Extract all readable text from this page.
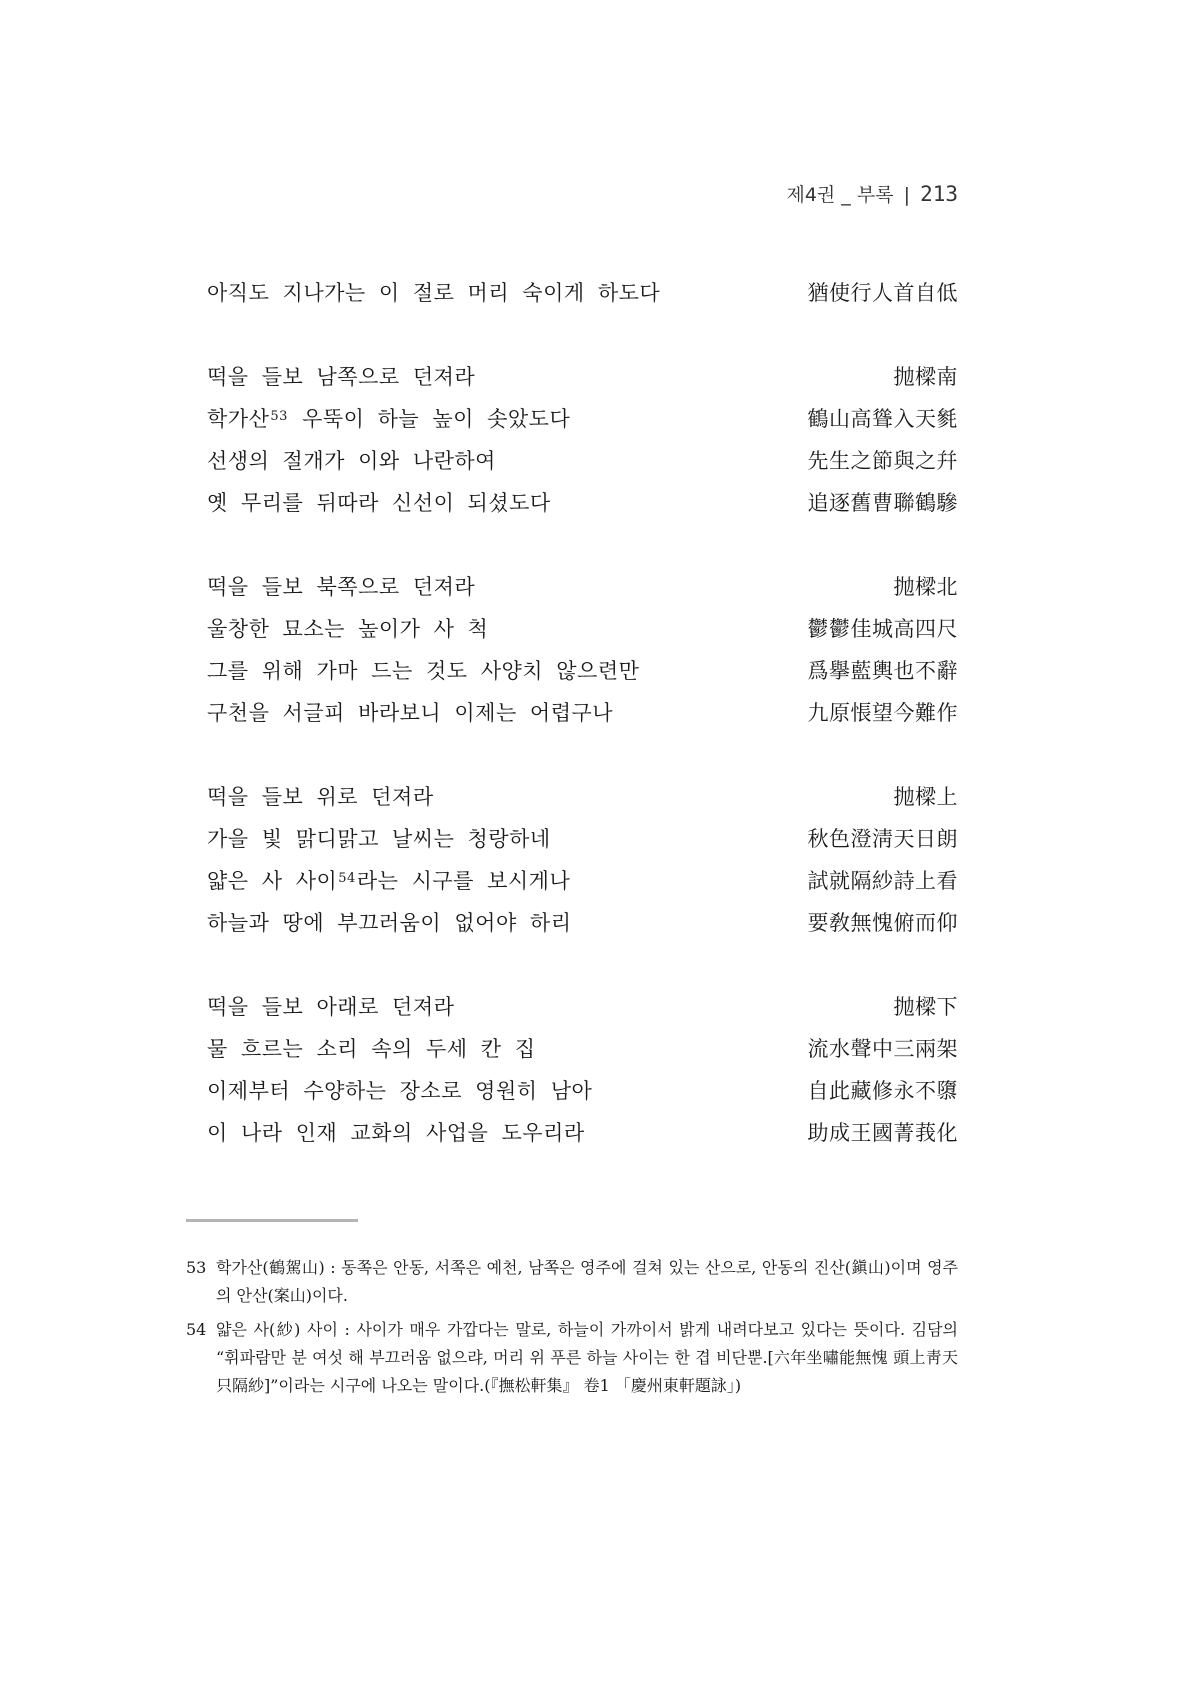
제4권 _ 부록 | 213
아직도 지나가는 이 절로 머리 숙이게 하도다	猶使行人首自低
떡을 들보 남쪽으로 던져라	抛樑南
학가산$^{53}$ 우뚝이 하늘 높이 솟았도다	鶴山高聳入天毿
선생의 절개가 이와 나란하여	先生之節與之幷
옛 무리를 뒤따라 신선이 되셨도다	追逐舊曹聯鶴驂
떡을 들보 북쪽으로 던져라	抛樑北
울창한 묘소는 높이가 사 척	鬱鬱佳城高四尺
그를 위해 가마 드는 것도 사양치 않으련만	爲擧藍輿也不辭
구천을 서글피 바라보니 이제는 어렵구나	九原悵望今難作
떡을 들보 위로 던져라	抛樑上
가을 빛 맑디맑고 날씨는 청랑하네	秋色澄淸天日朗
얇은 사 사이$^{54}$라는 시구를 보시게나	試就隔紗詩上看
하늘과 땅에 부끄러움이 없어야 하리	要敎無愧俯而仰
떡을 들보 아래로 던져라	抛樑下
물 흐르는 소리 속의 두세 칸 집	流水聲中三兩架
이제부터 수양하는 장소로 영원히 남아	自此藏修永不隳
이 나라 인재 교화의 사업을 도우리라	助成王國菁莪化
53 학가산(鶴駕山) : 동쪽은 안동, 서쪽은 예천, 남쪽은 영주에 걸쳐 있는 산으로, 안동의 진산(鎭山)이며 영주의 안산(案山)이다.
54 얇은 사(紗) 사이 : 사이가 매우 가깝다는 말로, 하늘이 가까이서 밝게 내려다보고 있다는 뜻이다. 김담의 “휘파람만 분 여섯 해 부끄러움 없으랴, 머리 위 푸른 하늘 사이는 한 겹 비단뿐.[六年坐嘯能無愧 頭上靑天只隔紗]”이라는 시구에 나오는 말이다.(『撫松軒集』 卷1 「慶州東軒題詠」)
